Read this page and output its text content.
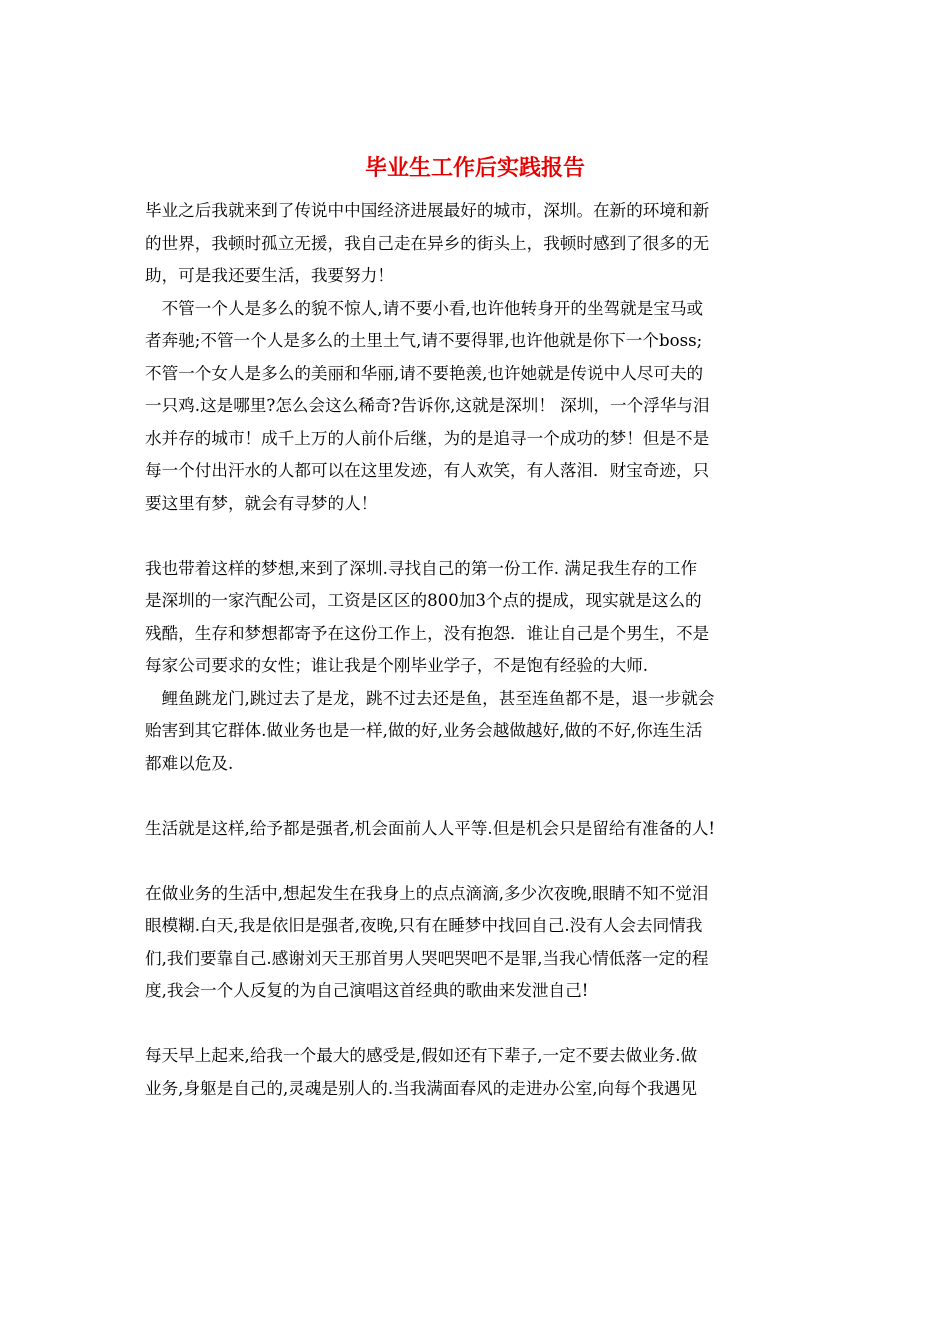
毕业生工作后实践报告
毕业之后我就来到了传说中中国经济进展最好的城市，深圳。在新的环境和新
的世界，我顿时孤立无援，我自己走在异乡的街头上，我顿时感到了很多的无
助，可是我还要生活，我要努力！
　不管一个人是多么的貌不惊人,请不要小看,也许他转身开的坐驾就是宝马或
者奔驰;不管一个人是多么的土里土气,请不要得罪,也许他就是你下一个boss;
不管一个女人是多么的美丽和华丽,请不要艳羡,也许她就是传说中人尽可夫的
一只鸡.这是哪里?怎么会这么稀奇?告诉你,这就是深圳！ 深圳，一个浮华与泪
水并存的城市！成千上万的人前仆后继，为的是追寻一个成功的梦！但是不是
每一个付出汗水的人都可以在这里发迹，有人欢笑，有人落泪．财宝奇迹，只
要这里有梦，就会有寻梦的人！
我也带着这样的梦想,来到了深圳.寻找自己的第一份工作. 满足我生存的工作
是深圳的一家汽配公司，工资是区区的800加3个点的提成，现实就是这么的
残酷，生存和梦想都寄予在这份工作上，没有抱怨．谁让自己是个男生，不是
每家公司要求的女性；谁让我是个刚毕业学子，不是饱有经验的大师.
　鲤鱼跳龙门,跳过去了是龙，跳不过去还是鱼，甚至连鱼都不是，退一步就会
贻害到其它群体.做业务也是一样,做的好,业务会越做越好,做的不好,你连生活
都难以危及.
生活就是这样,给予都是强者,机会面前人人平等.但是机会只是留给有准备的人!
在做业务的生活中,想起发生在我身上的点点滴滴,多少次夜晚,眼睛不知不觉泪
眼模糊.白天,我是依旧是强者,夜晚,只有在睡梦中找回自己.没有人会去同情我
们,我们要靠自己.感谢刘天王那首男人哭吧哭吧不是罪,当我心情低落一定的程
度,我会一个人反复的为自己演唱这首经典的歌曲来发泄自己!
每天早上起来,给我一个最大的感受是,假如还有下辈子,一定不要去做业务.做
业务,身躯是自己的,灵魂是别人的.当我满面春风的走进办公室,向每个我遇见
